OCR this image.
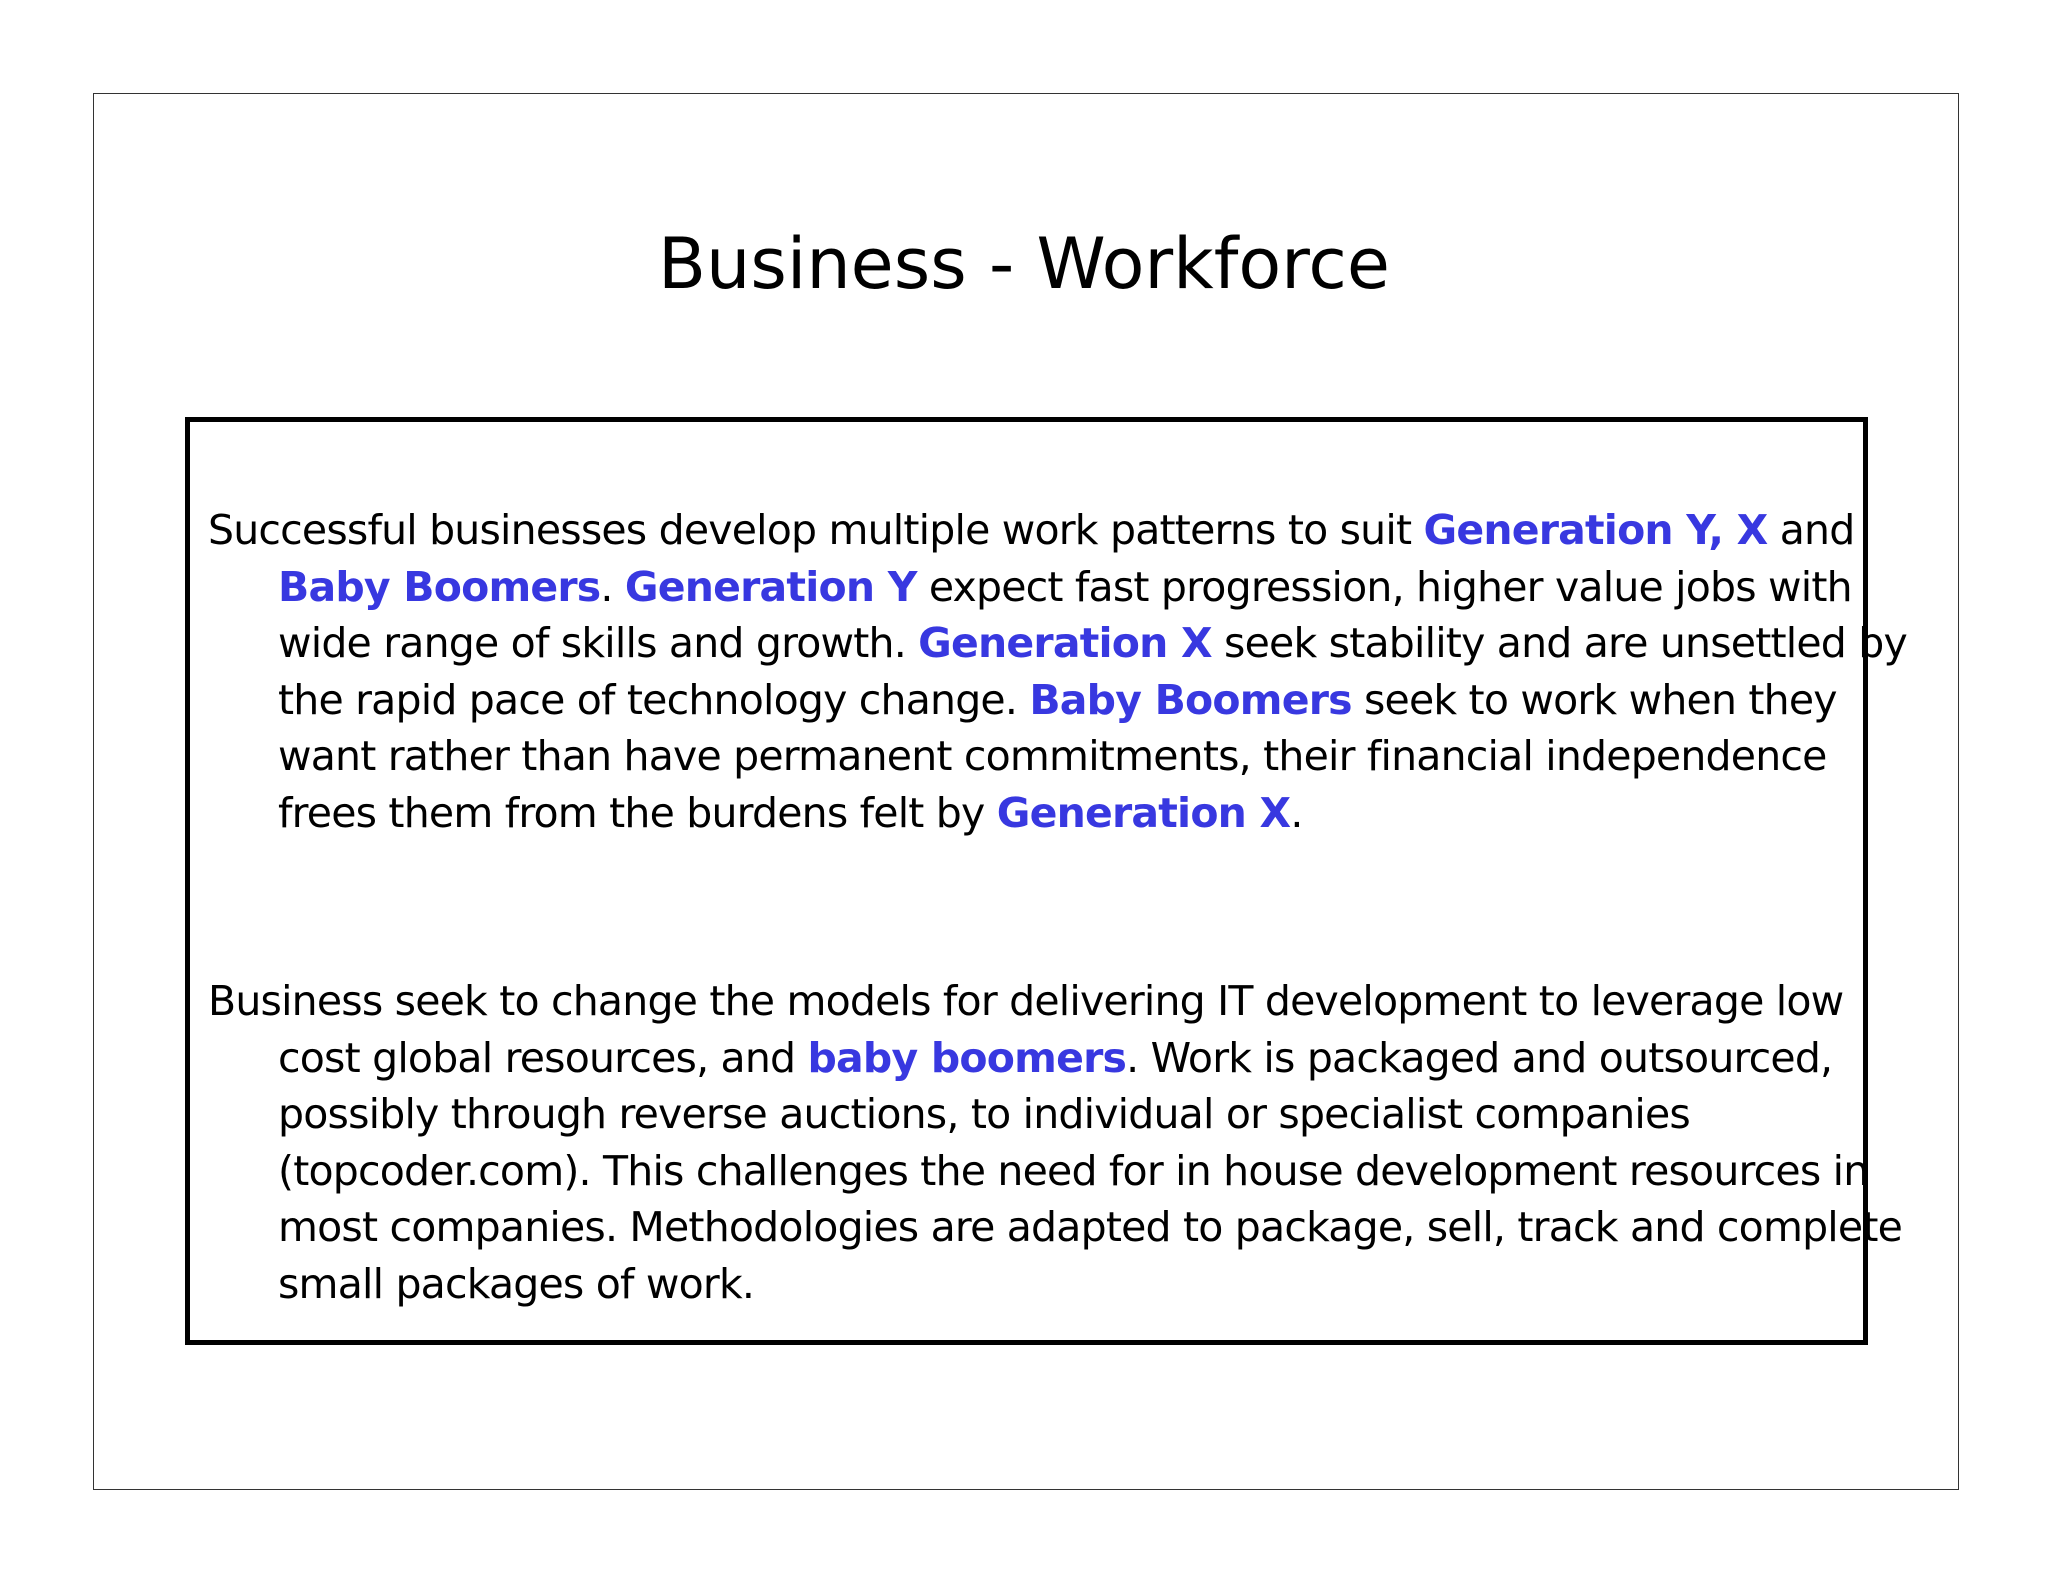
Business - Workforce

Successful businesses develop multiple work patterns to suit Generation Y, X and Baby Boomers. Generation Y expect fast progression, higher value jobs with wide range of skills and growth. Generation X seek stability and are unsettled by the rapid pace of technology change. Baby Boomers seek to work when they want rather than have permanent commitments, their financial independence frees them from the burdens felt by Generation X.

Business seek to change the models for delivering IT development to leverage low cost global resources, and baby boomers. Work is packaged and outsourced, possibly through reverse auctions, to individual or specialist companies (topcoder.com). This challenges the need for in house development resources in most companies. Methodologies are adapted to package, sell, track and complete small packages of work.
